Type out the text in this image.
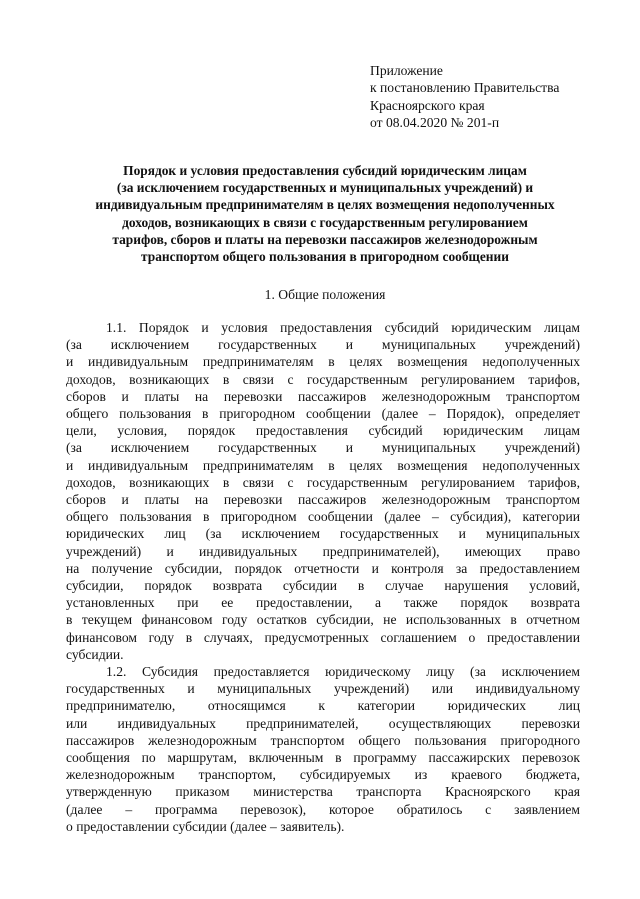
Приложение
к постановлению Правительства
Красноярского края
от 08.04.2020 № 201-п
Порядок и условия предоставления субсидий юридическим лицам
(за исключением государственных и муниципальных учреждений) и
индивидуальным предпринимателям в целях возмещения недополученных
доходов, возникающих в связи с государственным регулированием
тарифов, сборов и платы на перевозки пассажиров железнодорожным
транспортом общего пользования в пригородном сообщении
1. Общие положения
1.1. Порядок и условия предоставления субсидий юридическим лицам
(за исключением государственных и муниципальных учреждений)
и индивидуальным предпринимателям в целях возмещения недополученных
доходов, возникающих в связи с государственным регулированием тарифов,
сборов и платы на перевозки пассажиров железнодорожным транспортом
общего пользования в пригородном сообщении (далее – Порядок), определяет
цели, условия, порядок предоставления субсидий юридическим лицам
(за исключением государственных и муниципальных учреждений)
и индивидуальным предпринимателям в целях возмещения недополученных
доходов, возникающих в связи с государственным регулированием тарифов,
сборов и платы на перевозки пассажиров железнодорожным транспортом
общего пользования в пригородном сообщении (далее – субсидия), категории
юридических лиц (за исключением государственных и муниципальных
учреждений) и индивидуальных предпринимателей), имеющих право
на получение субсидии, порядок отчетности и контроля за предоставлением
субсидии, порядок возврата субсидии в случае нарушения условий,
установленных при ее предоставлении, а также порядок возврата
в текущем финансовом году остатков субсидии, не использованных в отчетном
финансовом году в случаях, предусмотренных соглашением о предоставлении
субсидии.
1.2. Субсидия предоставляется юридическому лицу (за исключением
государственных и муниципальных учреждений) или индивидуальному
предпринимателю, относящимся к категории юридических лиц
или индивидуальных предпринимателей, осуществляющих перевозки
пассажиров железнодорожным транспортом общего пользования пригородного
сообщения по маршрутам, включенным в программу пассажирских перевозок
железнодорожным транспортом, субсидируемых из краевого бюджета,
утвержденную приказом министерства транспорта Красноярского края
(далее – программа перевозок), которое обратилось с заявлением
о предоставлении субсидии (далее – заявитель).
